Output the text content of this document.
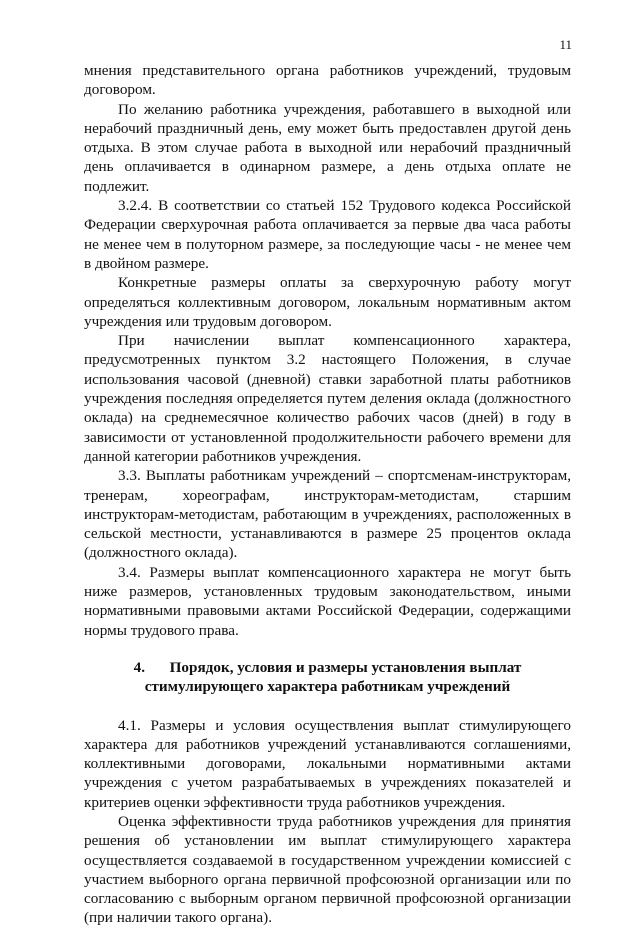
11

мнения представительного органа работников учреждений, трудовым договором.

По желанию работника учреждения, работавшего в выходной или нерабочий праздничный день, ему может быть предоставлен другой день отдыха. В этом случае работа в выходной или нерабочий праздничный день оплачивается в одинарном размере, а день отдыха оплате не подлежит.

3.2.4. В соответствии со статьей 152 Трудового кодекса Российской Федерации сверхурочная работа оплачивается за первые два часа работы не менее чем в полуторном размере, за последующие часы - не менее чем в двойном размере.

Конкретные размеры оплаты за сверхурочную работу могут определяться коллективным договором, локальным нормативным актом учреждения или трудовым договором.

При начислении выплат компенсационного характера, предусмотренных пунктом 3.2 настоящего Положения, в случае использования часовой (дневной) ставки заработной платы работников учреждения последняя определяется путем деления оклада (должностного оклада) на среднемесячное количество рабочих часов (дней) в году в зависимости от установленной продолжительности рабочего времени для данной категории работников учреждения.

3.3. Выплаты работникам учреждений – спортсменам-инструкторам, тренерам, хореографам, инструкторам-методистам, старшим инструкторам-методистам, работающим в учреждениях, расположенных в сельской местности, устанавливаются в размере 25 процентов оклада (должностного оклада).

3.4. Размеры выплат компенсационного характера не могут быть ниже размеров, установленных трудовым законодательством, иными нормативными правовыми актами Российской Федерации, содержащими нормы трудового права.

4. Порядок, условия и размеры установления выплат
стимулирующего характера работникам учреждений

4.1. Размеры и условия осуществления выплат стимулирующего характера для работников учреждений устанавливаются соглашениями, коллективными договорами, локальными нормативными актами учреждения с учетом разрабатываемых в учреждениях показателей и критериев оценки эффективности труда работников учреждения.

Оценка эффективности труда работников учреждения для принятия решения об установлении им выплат стимулирующего характера осуществляется создаваемой в государственном учреждении комиссией с участием выборного органа первичной профсоюзной организации или по согласованию с выборным органом первичной профсоюзной организации (при наличии такого органа).
